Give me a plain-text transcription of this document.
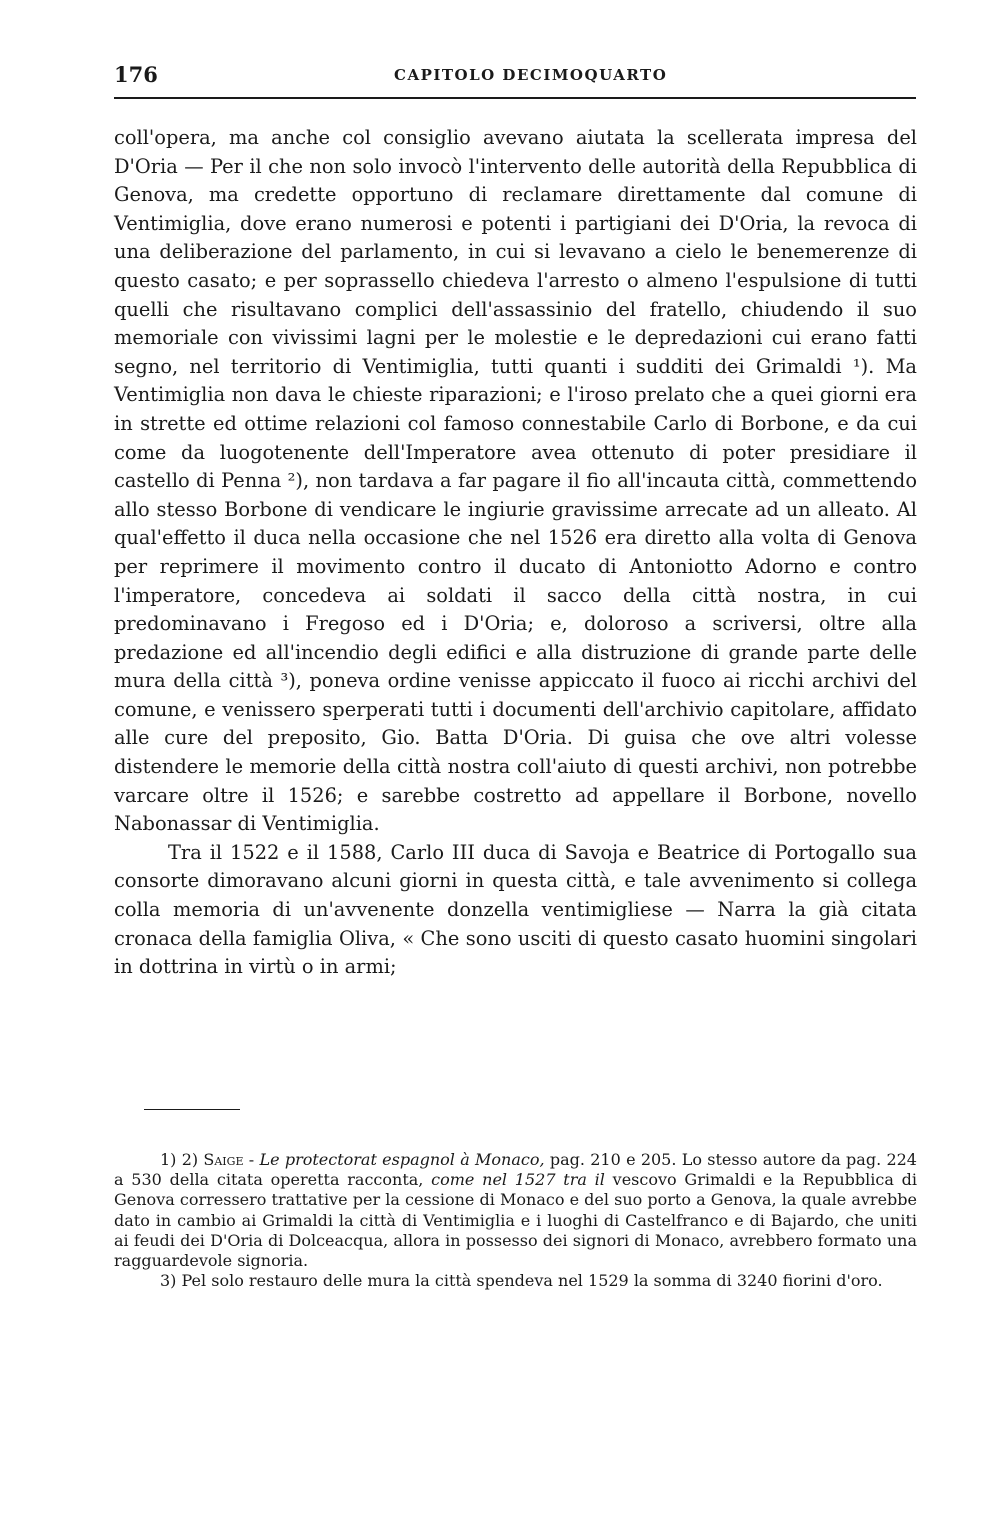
176	CAPITOLO DECIMOQUARTO

coll'opera, ma anche col consiglio avevano aiutata la scellerata impresa del D'Oria — Per il che non solo invocò l'intervento delle autorità della Repubblica di Genova, ma credette opportuno di reclamare direttamente dal comune di Ventimiglia, dove erano numerosi e potenti i partigiani dei D'Oria, la revoca di una deliberazione del parlamento, in cui si levavano a cielo le benemerenze di questo casato; e per soprassello chiedeva l'arresto o almeno l'espulsione di tutti quelli che risultavano complici dell'assassinio del fratello, chiudendo il suo memoriale con vivissimi lagni per le molestie e le depredazioni cui erano fatti segno, nel territorio di Ventimiglia, tutti quanti i sudditi dei Grimaldi ¹). Ma Ventimiglia non dava le chieste riparazioni; e l'iroso prelato che a quei giorni era in strette ed ottime relazioni col famoso connestabile Carlo di Borbone, e da cui come da luogotenente dell'Imperatore avea ottenuto di poter presidiare il castello di Penna ²), non tardava a far pagare il fio all'incauta città, commettendo allo stesso Borbone di vendicare le ingiurie gravissime arrecate ad un alleato. Al qual'effetto il duca nella occasione che nel 1526 era diretto alla volta di Genova per reprimere il movimento contro il ducato di Antoniotto Adorno e contro l'imperatore, concedeva ai soldati il sacco della città nostra, in cui predominavano i Fregoso ed i D'Oria; e, doloroso a scriversi, oltre alla predazione ed all'incendio degli edifici e alla distruzione di grande parte delle mura della città ³), poneva ordine venisse appiccato il fuoco ai ricchi archivi del comune, e venissero sperperati tutti i documenti dell'archivio capitolare, affidato alle cure del preposito, Gio. Batta D'Oria. Di guisa che ove altri volesse distendere le memorie della città nostra coll'aiuto di questi archivi, non potrebbe varcare oltre il 1526; e sarebbe costretto ad appellare il Borbone, novello Nabonassar di Ventimiglia.

Tra il 1522 e il 1588, Carlo III duca di Savoja e Beatrice di Portogallo sua consorte dimoravano alcuni giorni in questa città, e tale avvenimento si collega colla memoria di un'avvenente donzella ventimigliese — Narra la già citata cronaca della famiglia Oliva, « Che sono usciti di questo casato huomini singolari in dottrina in virtù o in armi;

1) 2) Saige - Le protectorat espagnol à Monaco, pag. 210 e 205. Lo stesso autore da pag. 224 a 530 della citata operetta racconta, come nel 1527 tra il vescovo Grimaldi e la Repubblica di Genova corressero trattative per la cessione di Monaco e del suo porto a Genova, la quale avrebbe dato in cambio ai Grimaldi la città di Ventimiglia e i luoghi di Castelfranco e di Bajardo, che uniti ai feudi dei D'Oria di Dolceacqua, allora in possesso dei signori di Monaco, avrebbero formato una ragguardevole signoria.

3) Pel solo restauro delle mura la città spendeva nel 1529 la somma di 3240 fiorini d'oro.
